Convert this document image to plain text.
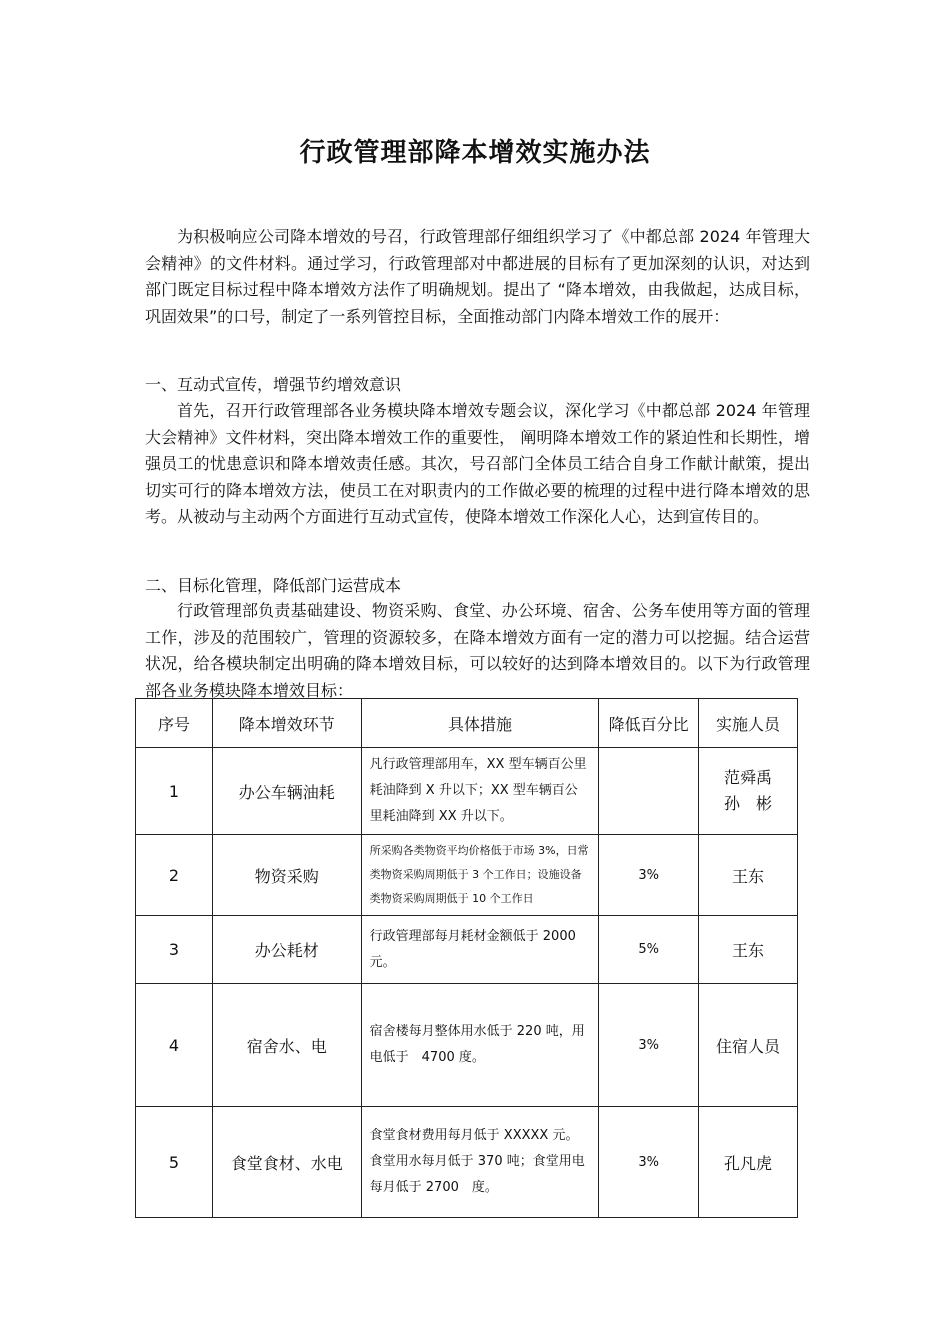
行政管理部降本增效实施办法

为积极响应公司降本增效的号召，行政管理部仔细组织学习了《中都总部 2024 年管理大会精神》的文件材料。通过学习，行政管理部对中都进展的目标有了更加深刻的认识，对达到部门既定目标过程中降本增效方法作了明确规划。提出了 “降本增效，由我做起，达成目标，巩固效果”的口号，制定了一系列管控目标，全面推动部门内降本增效工作的展开：

一、互动式宣传，增强节约增效意识

首先，召开行政管理部各业务模块降本增效专题会议，深化学习《中都总部 2024 年管理大会精神》文件材料，突出降本增效工作的重要性， 阐明降本增效工作的紧迫性和长期性，增强员工的忧患意识和降本增效责任感。其次，号召部门全体员工结合自身工作献计献策，提出切实可行的降本增效方法，使员工在对职责内的工作做必要的梳理的过程中进行降本增效的思考。从被动与主动两个方面进行互动式宣传，使降本增效工作深化人心，达到宣传目的。

二、目标化管理，降低部门运营成本

行政管理部负责基础建设、物资采购、食堂、办公环境、宿舍、公务车使用等方面的管理工作，涉及的范围较广，管理的资源较多，在降本增效方面有一定的潜力可以挖掘。结合运营状况，给各模块制定出明确的降本增效目标，可以较好的达到降本增效目的。以下为行政管理部各业务模块降本增效目标：

序号	降本增效环节	具体措施	降低百分比	实施人员
1	办公车辆油耗	凡行政管理部用车，XX 型车辆百公里耗油降到 X 升以下；XX 型车辆百公里耗油降到 XX 升以下。		范舜禹
孙　彬

2	物资采购	所采购各类物资平均价格低于市场 3%，日常类物资采购周期低于 3 个工作日；设施设备类物资采购周期低于 10 个工作日	3%	王东
3	办公耗材	行政管理部每月耗材金额低于 2000 元。	5%	王东
4	宿舍水、电	宿舍楼每月整体用水低于 220 吨，用电低于　4700 度。	3%	住宿人员
5	食堂食材、水电	食堂食材费用每月低于 XXXXX 元。食堂用水每月低于 370 吨；食堂用电每月低于 2700　度。	3%	孔凡虎
